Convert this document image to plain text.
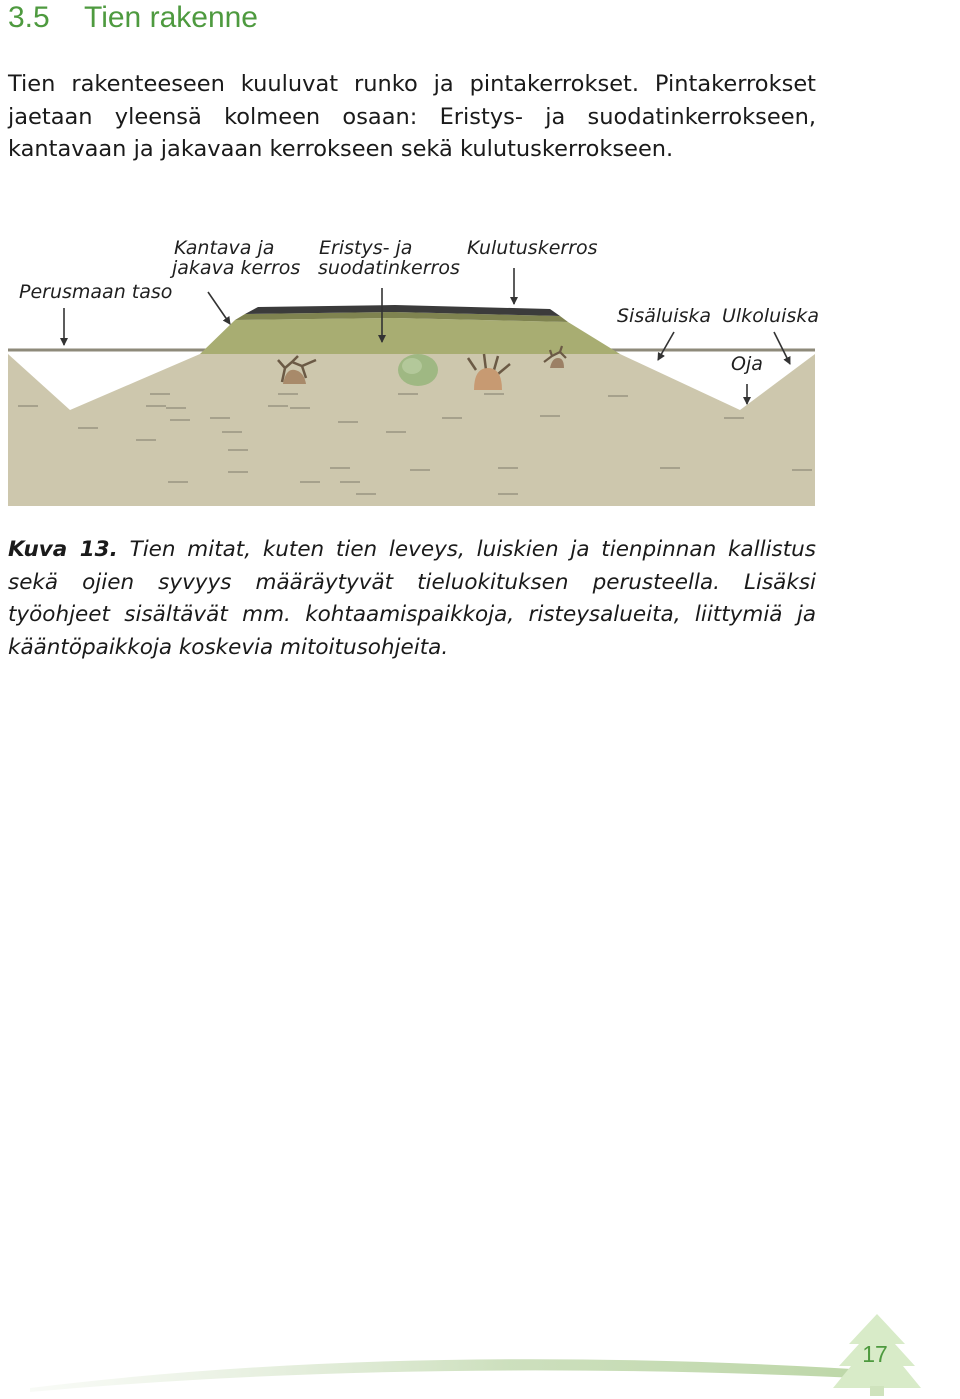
3.5 Tien rakenne

Tien rakenteeseen kuuluvat runko ja pintakerrokset. Pintakerrokset jaetaan yleensä kolmeen osaan: Eristys- ja suodatinkerrokseen, kantavaan ja jakavaan kerrokseen sekä kulutuskerrokseen.

Perusmaan taso

Kantava ja

jakava kerros

Eristys- ja

suodatinkerros

Kulutuskerros

Sisäluiska Ulkoluiska

Oja

Kuva 13. Tien mitat, kuten tien leveys, luiskien ja tienpinnan kallistus sekä ojien syvyys määräytyvät tieluokituksen perusteella. Lisäksi työohjeet sisältävät mm. kohtaamispaikkoja, risteysalueita, liittymiä ja kääntöpaikkoja koskevia mitoitusohjeita.

17
